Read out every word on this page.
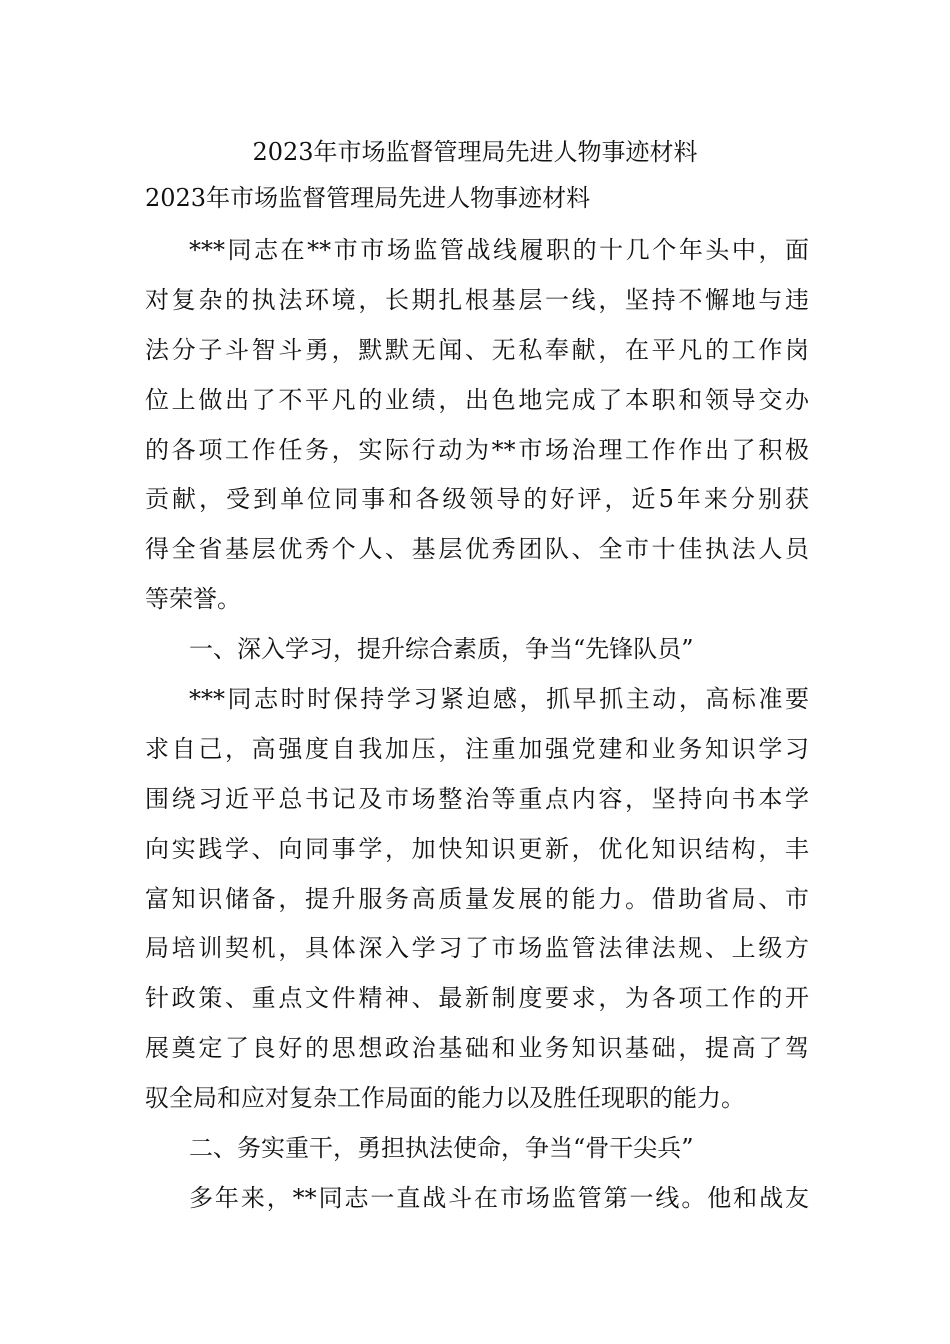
2023年市场监督管理局先进人物事迹材料
2023年市场监督管理局先进人物事迹材料
***同志在**市市场监管战线履职的十几个年头中，面
对复杂的执法环境，长期扎根基层一线，坚持不懈地与违
法分子斗智斗勇，默默无闻、无私奉献，在平凡的工作岗
位上做出了不平凡的业绩，出色地完成了本职和领导交办
的各项工作任务，实际行动为**市场治理工作作出了积极
贡献，受到单位同事和各级领导的好评，近5年来分别获
得全省基层优秀个人、基层优秀团队、全市十佳执法人员
等荣誉。
一、深入学习，提升综合素质，争当“先锋队员”
***同志时时保持学习紧迫感，抓早抓主动，高标准要
求自己，高强度自我加压，注重加强党建和业务知识学习
围绕习近平总书记及市场整治等重点内容，坚持向书本学
向实践学、向同事学，加快知识更新，优化知识结构，丰
富知识储备，提升服务高质量发展的能力。借助省局、市
局培训契机，具体深入学习了市场监管法律法规、上级方
针政策、重点文件精神、最新制度要求，为各项工作的开
展奠定了良好的思想政治基础和业务知识基础，提高了驾
驭全局和应对复杂工作局面的能力以及胜任现职的能力。
二、务实重干，勇担执法使命，争当“骨干尖兵”
多年来，**同志一直战斗在市场监管第一线。他和战友
